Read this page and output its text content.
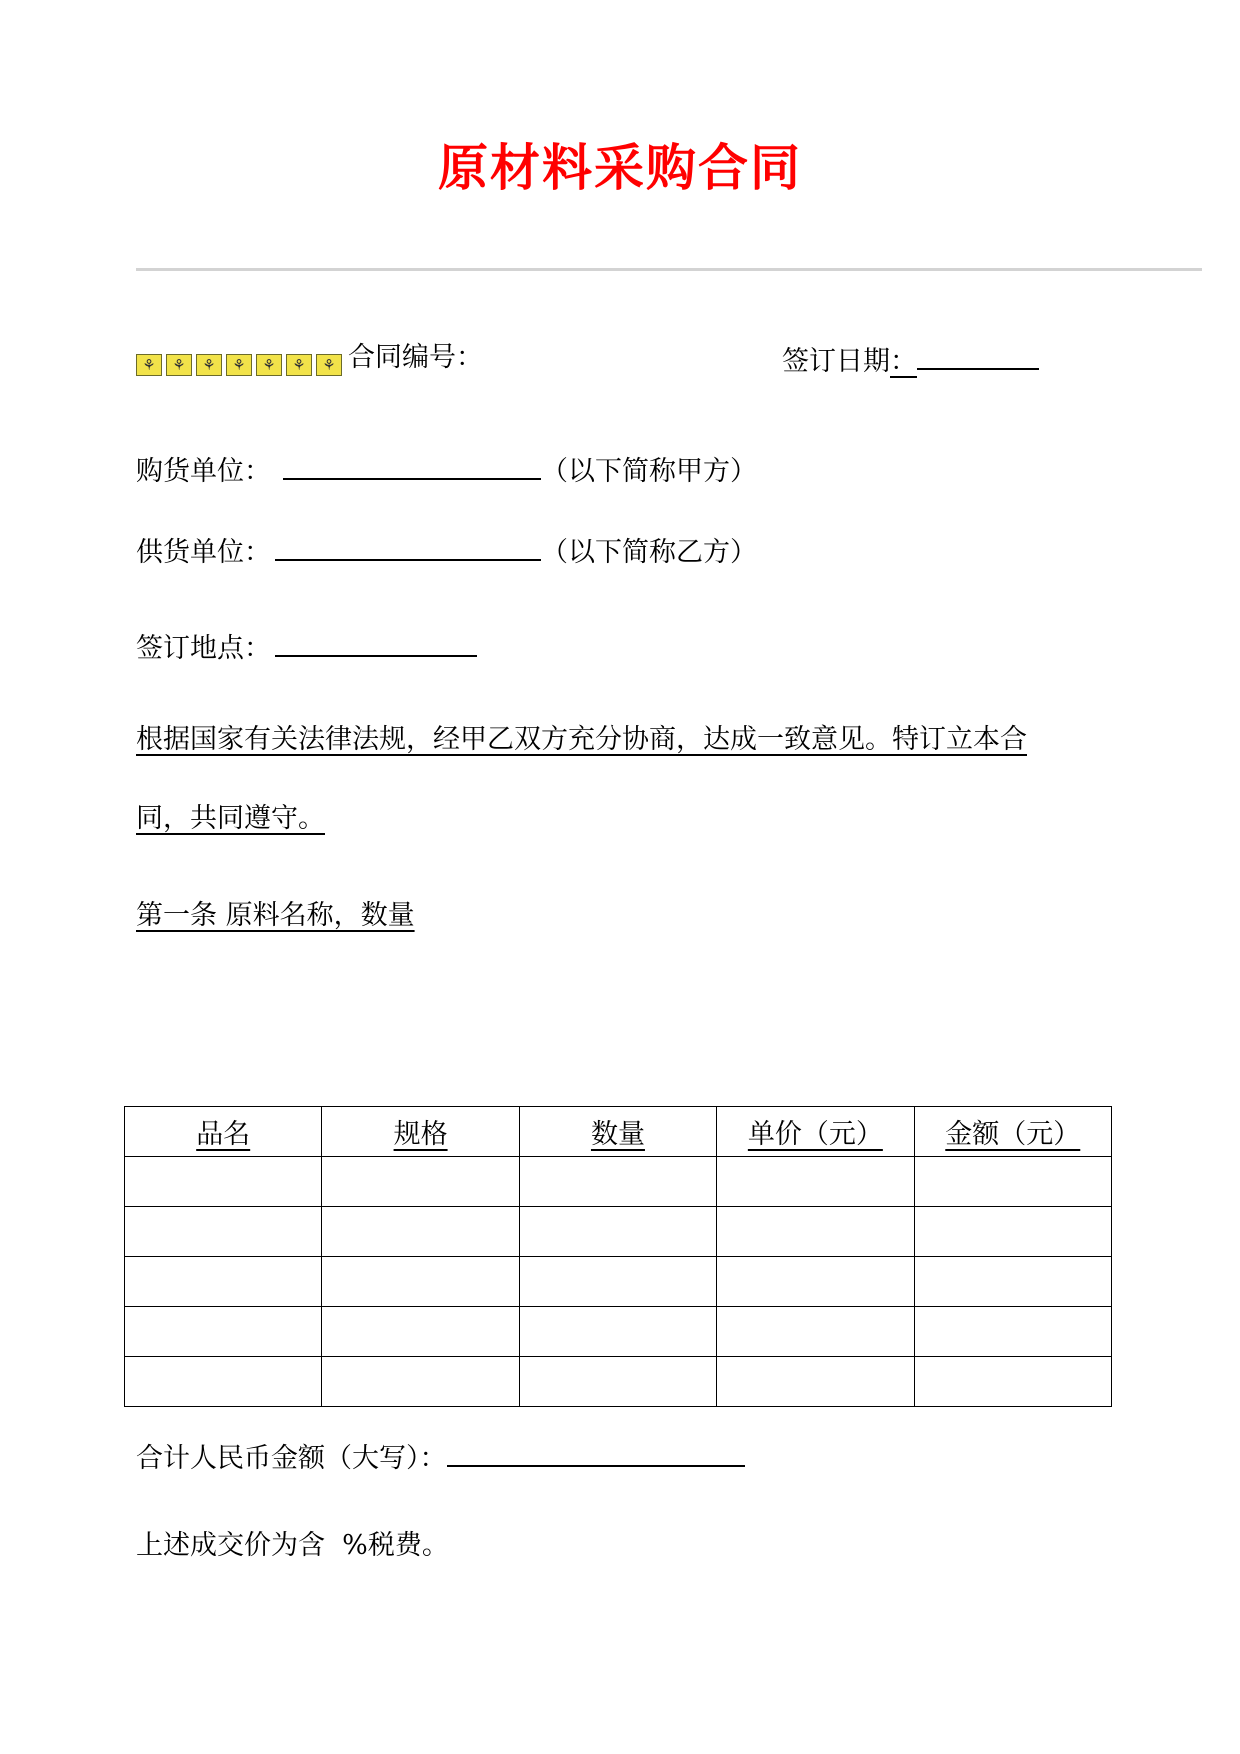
原材料采购合同
⚘ ⚘ ⚘ ⚘ ⚘ ⚘ ⚘ 合同编号：	签订日期：
购货单位：	（以下简称甲方）
供货单位：	（以下简称乙方）
签订地点：
根据国家有关法律法规，经甲乙双方充分协商，达成一致意见。特订立本合
同，共同遵守。
第一条 原料名称，数量
品名	规格	数量	单价（元）	金额（元）

合计人民币金额（大写）：
上述成交价为含  %税费。
